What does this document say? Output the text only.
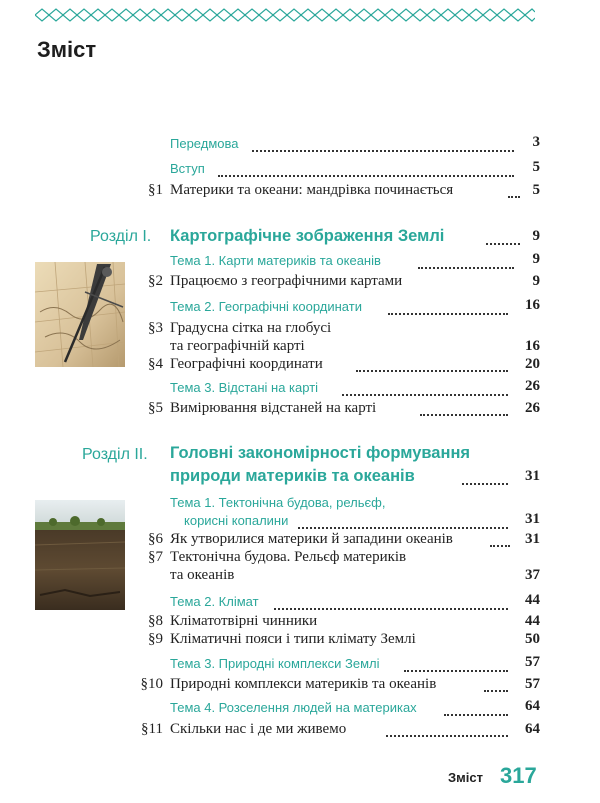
Зміст
Передмова	3
Вступ	5
§1 Материки та океани: мандрівка починається	5
Розділ I. Картографічне зображення Землі	9
Тема 1. Карти материків та океанів	9
§2 Працюємо з географічними картами	9
Тема 2. Географічні координати	16
§3 Градусна сітка на глобусі
та географічній карті	16
§4 Географічні координати	20
Тема 3. Відстані на карті	26
§5 Вимірювання відстаней на карті	26
Розділ II. Головні закономірності формування
природи материків та океанів	31
Тема 1. Тектонічна будова, рельєф,
корисні копалини	31
§6 Як утворилися материки й западини океанів	31
§7 Тектонічна будова. Рельєф материків
та океанів	37
Тема 2. Клімат	44
§8 Кліматотвірні чинники	44
§9 Кліматичні пояси і типи клімату Землі	50
Тема 3. Природні комплекси Землі	57
§10 Природні комплекси материків та океанів	57
Тема 4. Розселення людей на материках	64
§11 Скільки нас і де ми живемо	64
Зміст 317
